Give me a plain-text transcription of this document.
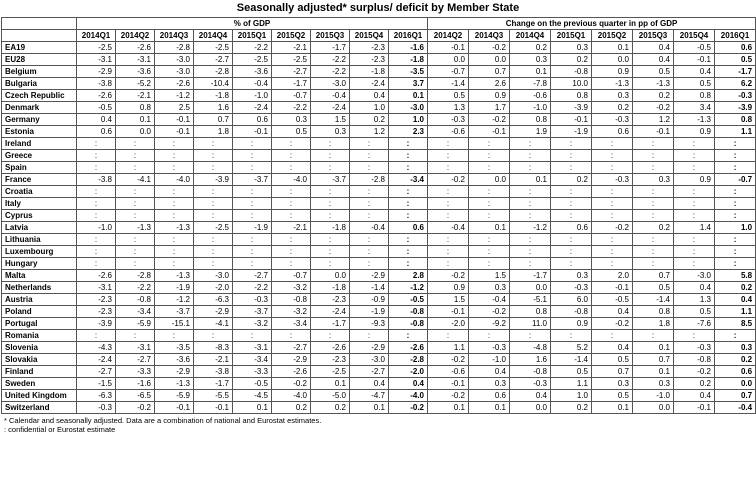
Seasonally adjusted* surplus/ deficit by Member State
	% of GDP									Change on the previous quarter in pp of GDP							
	2014Q1	2014Q2	2014Q3	2014Q4	2015Q1	2015Q2	2015Q3	2015Q4	2016Q1	2014Q2	2014Q3	2014Q4	2015Q1	2015Q2	2015Q3	2015Q4	2016Q1
EA19	-2.5	-2.6	-2.8	-2.5	-2.2	-2.1	-1.7	-2.3	-1.6	-0.1	-0.2	0.2	0.3	0.1	0.4	-0.5	0.6
EU28	-3.1	-3.1	-3.0	-2.7	-2.5	-2.5	-2.2	-2.3	-1.8	0.0	0.0	0.3	0.2	0.0	0.4	-0.1	0.5
Belgium	-2.9	-3.6	-3.0	-2.8	-3.6	-2.7	-2.2	-1.8	-3.5	-0.7	0.7	0.1	-0.8	0.9	0.5	0.4	-1.7
Bulgaria	-3.8	-5.2	-2.6	-10.4	-0.4	-1.7	-3.0	-2.4	3.7	-1.4	2.6	-7.8	10.0	-1.3	-1.3	0.5	6.2
Czech Republic	-2.6	-2.1	-1.2	-1.8	-1.0	-0.7	-0.4	0.4	0.1	0.5	0.9	-0.6	0.8	0.3	0.2	0.8	-0.3
Denmark	-0.5	0.8	2.5	1.6	-2.4	-2.2	-2.4	1.0	-3.0	1.3	1.7	-1.0	-3.9	0.2	-0.2	3.4	-3.9
Germany	0.4	0.1	-0.1	0.7	0.6	0.3	1.5	0.2	1.0	-0.3	-0.2	0.8	-0.1	-0.3	1.2	-1.3	0.8
Estonia	0.6	0.0	-0.1	1.8	-0.1	0.5	0.3	1.2	2.3	-0.6	-0.1	1.9	-1.9	0.6	-0.1	0.9	1.1
Ireland	:	:	:	:	:	:	:	:	:	:	:	:	:	:	:	:	:
Greece	:	:	:	:	:	:	:	:	:	:	:	:	:	:	:	:	:
Spain	:	:	:	:	:	:	:	:	:	:	:	:	:	:	:	:	:
France	-3.8	-4.1	-4.0	-3.9	-3.7	-4.0	-3.7	-2.8	-3.4	-0.2	0.0	0.1	0.2	-0.3	0.3	0.9	-0.7
Croatia	:	:	:	:	:	:	:	:	:	:	:	:	:	:	:	:	:
Italy	:	:	:	:	:	:	:	:	:	:	:	:	:	:	:	:	:
Cyprus	:	:	:	:	:	:	:	:	:	:	:	:	:	:	:	:	:
Latvia	-1.0	-1.3	-1.3	-2.5	-1.9	-2.1	-1.8	-0.4	0.6	-0.4	0.1	-1.2	0.6	-0.2	0.2	1.4	1.0
Lithuania	:	:	:	:	:	:	:	:	:	:	:	:	:	:	:	:	:
Luxembourg	:	:	:	:	:	:	:	:	:	:	:	:	:	:	:	:	:
Hungary	:	:	:	:	:	:	:	:	:	:	:	:	:	:	:	:	:
Malta	-2.6	-2.8	-1.3	-3.0	-2.7	-0.7	0.0	-2.9	2.8	-0.2	1.5	-1.7	0.3	2.0	0.7	-3.0	5.8
Netherlands	-3.1	-2.2	-1.9	-2.0	-2.2	-3.2	-1.8	-1.4	-1.2	0.9	0.3	0.0	-0.3	-0.1	0.5	0.4	0.2
Austria	-2.3	-0.8	-1.2	-6.3	-0.3	-0.8	-2.3	-0.9	-0.5	1.5	-0.4	-5.1	6.0	-0.5	-1.4	1.3	0.4
Poland	-2.3	-3.4	-3.7	-2.9	-3.7	-3.2	-2.4	-1.9	-0.8	-0.1	-0.2	0.8	-0.8	0.4	0.8	0.5	1.1
Portugal	-3.9	-5.9	-15.1	-4.1	-3.2	-3.4	-1.7	-9.3	-0.8	-2.0	-9.2	11.0	0.9	-0.2	1.8	-7.6	8.5
Romania	:	:	:	:	:	:	:	:	:	:	:	:	:	:	:	:	:
Slovenia	-4.3	-3.1	-3.5	-8.3	-3.1	-2.7	-2.6	-2.9	-2.6	1.1	-0.3	-4.8	5.2	0.4	0.1	-0.3	0.3
Slovakia	-2.4	-2.7	-3.6	-2.1	-3.4	-2.9	-2.3	-3.0	-2.8	-0.2	-1.0	1.6	-1.4	0.5	0.7	-0.8	0.2
Finland	-2.7	-3.3	-2.9	-3.8	-3.3	-2.6	-2.5	-2.7	-2.0	-0.6	0.4	-0.8	0.5	0.7	0.1	-0.2	0.6
Sweden	-1.5	-1.6	-1.3	-1.7	-0.5	-0.2	0.1	0.4	0.4	-0.1	0.3	-0.3	1.1	0.3	0.3	0.2	0.0
United Kingdom	-6.3	-6.5	-5.9	-5.5	-4.5	-4.0	-5.0	-4.7	-4.0	-0.2	0.6	0.4	1.0	0.5	-1.0	0.4	0.7
Switzerland	-0.3	-0.2	-0.1	-0.1	0.1	0.2	0.2	0.1	-0.2	0.1	0.1	0.0	0.2	0.1	0.0	-0.1	-0.4
* Calendar and seasonally adjusted. Data are a combination of national and Eurostat estimates.
: confidential or Eurostat estimate
